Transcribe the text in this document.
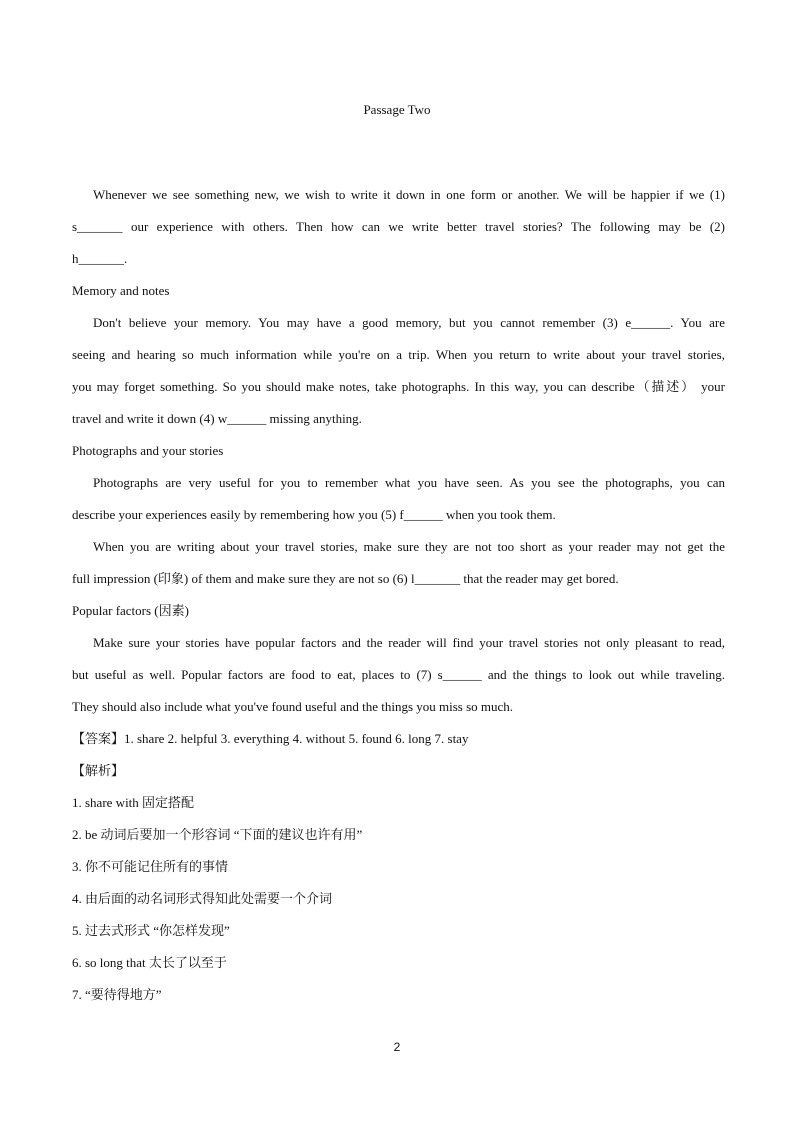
Passage Two
Whenever we see something new, we wish to write it down in one form or another. We will be happier if we (1)
s_______ our experience with others. Then how can we write better travel stories? The following may be (2)
h_______.
Memory and notes
Don't believe your memory. You may have a good memory, but you cannot remember (3) e______. You are
seeing and hearing so much information while you're on a trip. When you return to write about your travel stories,
you may forget something. So you should make notes, take photographs. In this way, you can describe（描述） your
travel and write it down (4) w______ missing anything.
Photographs and your stories
Photographs are very useful for you to remember what you have seen. As you see the photographs, you can
describe your experiences easily by remembering how you (5) f______ when you took them.
When you are writing about your travel stories, make sure they are not too short as your reader may not get the
full impression (印象) of them and make sure they are not so (6) l_______ that the reader may get bored.
Popular factors (因素)
Make sure your stories have popular factors and the reader will find your travel stories not only pleasant to read,
but useful as well. Popular factors are food to eat, places to (7) s______ and the things to look out while traveling.
They should also include what you've found useful and the things you miss so much.
【答案】1. share 2. helpful 3. everything 4. without 5. found 6. long 7. stay
【解析】
1. share with 固定搭配
2. be 动词后要加一个形容词 “下面的建议也许有用”
3. 你不可能记住所有的事情
4. 由后面的动名词形式得知此处需要一个介词
5. 过去式形式 “你怎样发现”
6. so long that 太长了以至于
7. “要待得地方”
2
